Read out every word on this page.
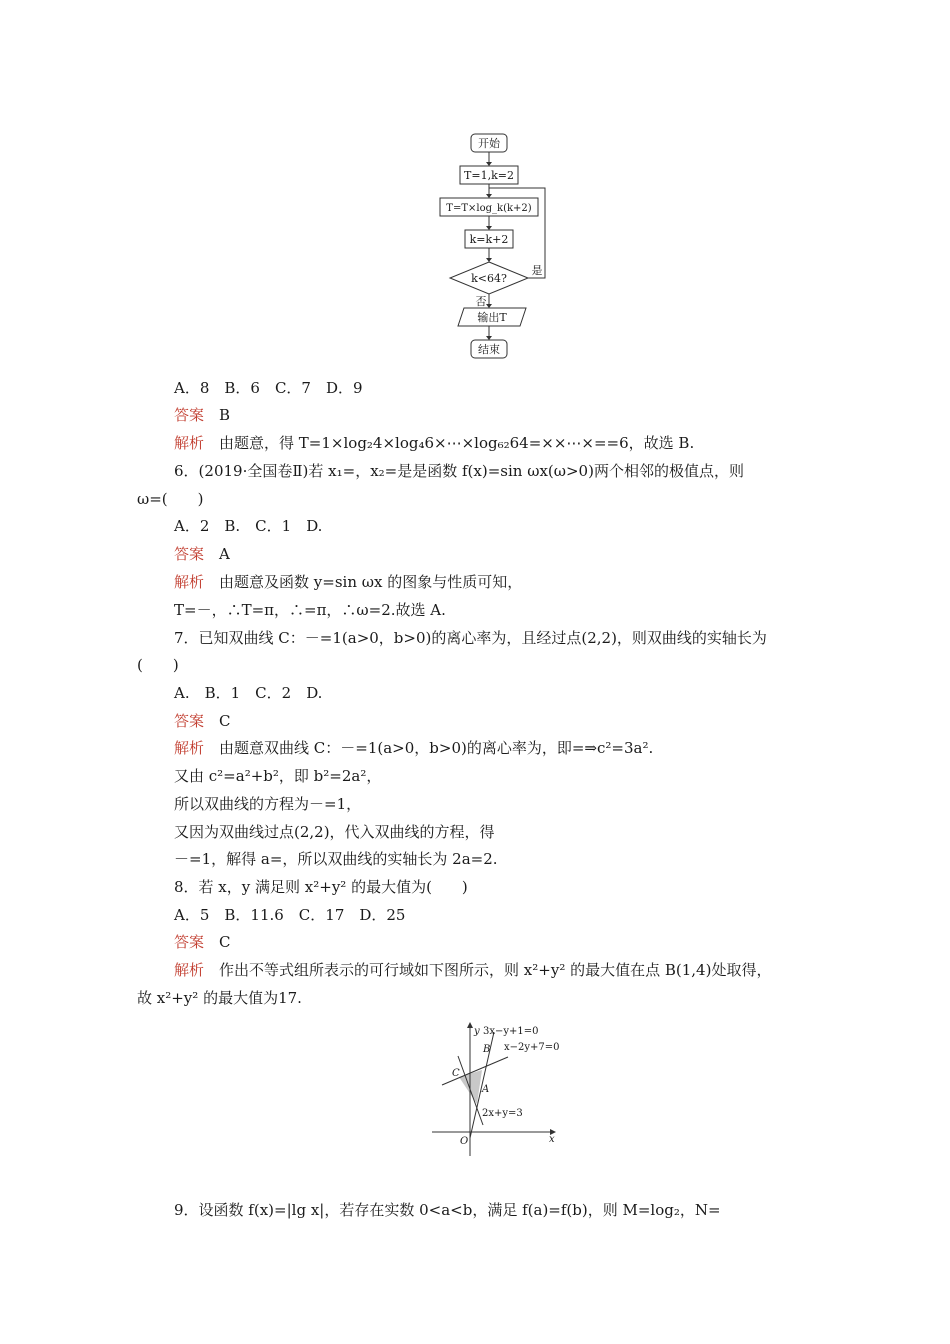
开始
T=1,k=2
T=T×log_k(k+2)
k=k+2
k<64?
是
否
输出T
结束
A．8　B．6　C．7　D．9
答案　 B
解析　 由题意，得 T=1×log₂4×log₄6×⋯×log₆₂64=××⋯×==6，故选 B.
6．(2019·全国卷Ⅱ)若 x₁=，x₂=是是函数 f(x)=sin ωx(ω>0)两个相邻的极值点，则
ω=(　　)
A．2　B.　C．1　D.
答案　 A
解析　 由题意及函数 y=sin ωx 的图象与性质可知，
T=－，∴T=π，∴=π，∴ω=2.故选 A.
7．已知双曲线 C：－=1(a>0，b>0)的离心率为，且经过点(2,2)，则双曲线的实轴长为
(　　)
A.　B．1　C．2　D.
答案　 C
解析　 由题意双曲线 C：－=1(a>0，b>0)的离心率为，即=⇒c²=3a².
又由 c²=a²+b²，即 b²=2a²，
所以双曲线的方程为－=1，
又因为双曲线过点(2,2)，代入双曲线的方程，得
－=1，解得 a=，所以双曲线的实轴长为 2a=2.
8．若 x，y 满足则 x²+y² 的最大值为(　　)
A．5　B．11.6　C．17　D．25
答案　 C
解析　 作出不等式组所表示的可行域如下图所示，则 x²+y² 的最大值在点 B(1,4)处取得，
故 x²+y² 的最大值为17.
y
x
O
3x−y+1=0
x−2y+7=0
2x+y=3
B
C
A
9．设函数 f(x)=|lg x|，若存在实数 0<a<b，满足 f(a)=f(b)，则 M=log₂，N=
